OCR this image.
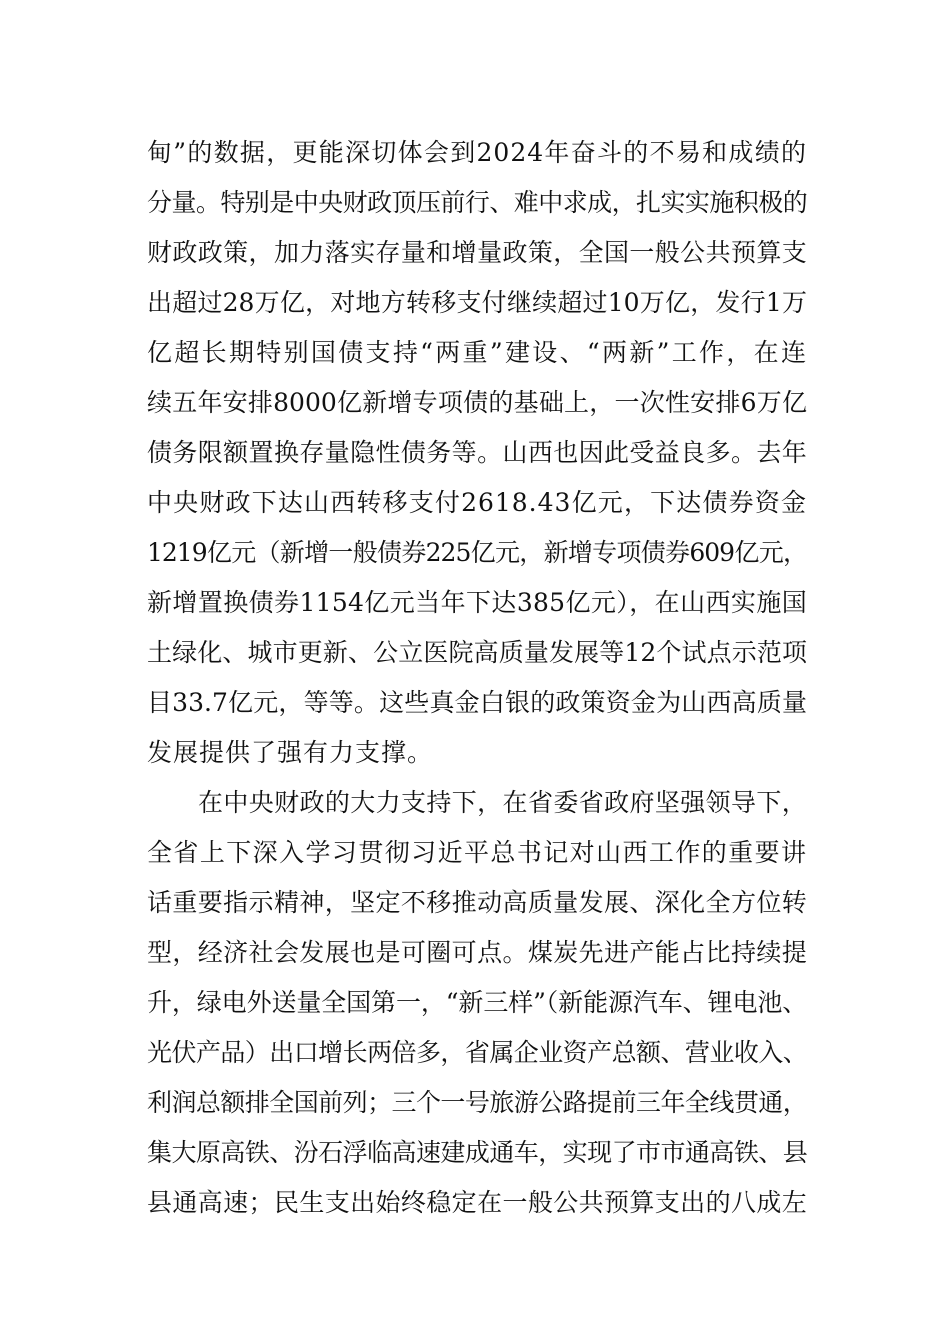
甸”的数据，更能深切体会到2024年奋斗的不易和成绩的
分量。特别是中央财政顶压前行、难中求成，扎实实施积极的
财政政策，加力落实存量和增量政策，全国一般公共预算支
出超过28万亿，对地方转移支付继续超过10万亿，发行1万
亿超长期特别国债支持“两重”建设、“两新”工作，在连
续五年安排8000亿新增专项债的基础上，一次性安排6万亿
债务限额置换存量隐性债务等。山西也因此受益良多。去年
中央财政下达山西转移支付2618.43亿元，下达债券资金
1219亿元（新增一般债券225亿元，新增专项债券609亿元，
新增置换债券1154亿元当年下达385亿元），在山西实施国
土绿化、城市更新、公立医院高质量发展等12个试点示范项
目33.7亿元，等等。这些真金白银的政策资金为山西高质量
发展提供了强有力支撑。
在中央财政的大力支持下，在省委省政府坚强领导下，
全省上下深入学习贯彻习近平总书记对山西工作的重要讲
话重要指示精神，坚定不移推动高质量发展、深化全方位转
型，经济社会发展也是可圈可点。煤炭先进产能占比持续提
升，绿电外送量全国第一，“新三样”（新能源汽车、锂电池、
光伏产品）出口增长两倍多，省属企业资产总额、营业收入、
利润总额排全国前列；三个一号旅游公路提前三年全线贯通，
集大原高铁、汾石浮临高速建成通车，实现了市市通高铁、县
县通高速；民生支出始终稳定在一般公共预算支出的八成左
